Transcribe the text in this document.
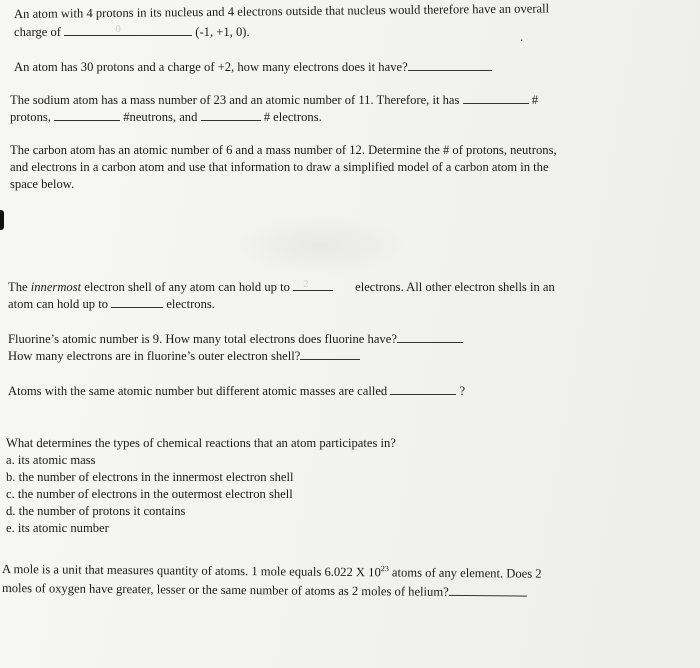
An atom with 4 protons in its nucleus and 4 electrons outside that nucleus would therefore have an overall
charge of	0	(-1, +1, 0).	.
An atom has 30 protons and a charge of +2, how many electrons does it have?
The sodium atom has a mass number of 23 and an atomic number of 11. Therefore, it has	#
protons,	#neutrons, and	# electrons.
The carbon atom has an atomic number of 6 and a mass number of 12. Determine the # of protons, neutrons,
and electrons in a carbon atom and use that information to draw a simplified model of a carbon atom in the
space below.
The innermost electron shell of any atom can hold up to 2	electrons. All other electron shells in an
atom can hold up to	electrons.
Fluorine’s atomic number is 9. How many total electrons does fluorine have?
How many electrons are in fluorine’s outer electron shell?
Atoms with the same atomic number but different atomic masses are called	?
What determines the types of chemical reactions that an atom participates in?
a. its atomic mass
b. the number of electrons in the innermost electron shell
c. the number of electrons in the outermost electron shell
d. the number of protons it contains
e. its atomic number
A mole is a unit that measures quantity of atoms. 1 mole equals 6.022 X $10^{23}$ atoms of any element. Does 2
moles of oxygen have greater, lesser or the same number of atoms as 2 moles of helium?
